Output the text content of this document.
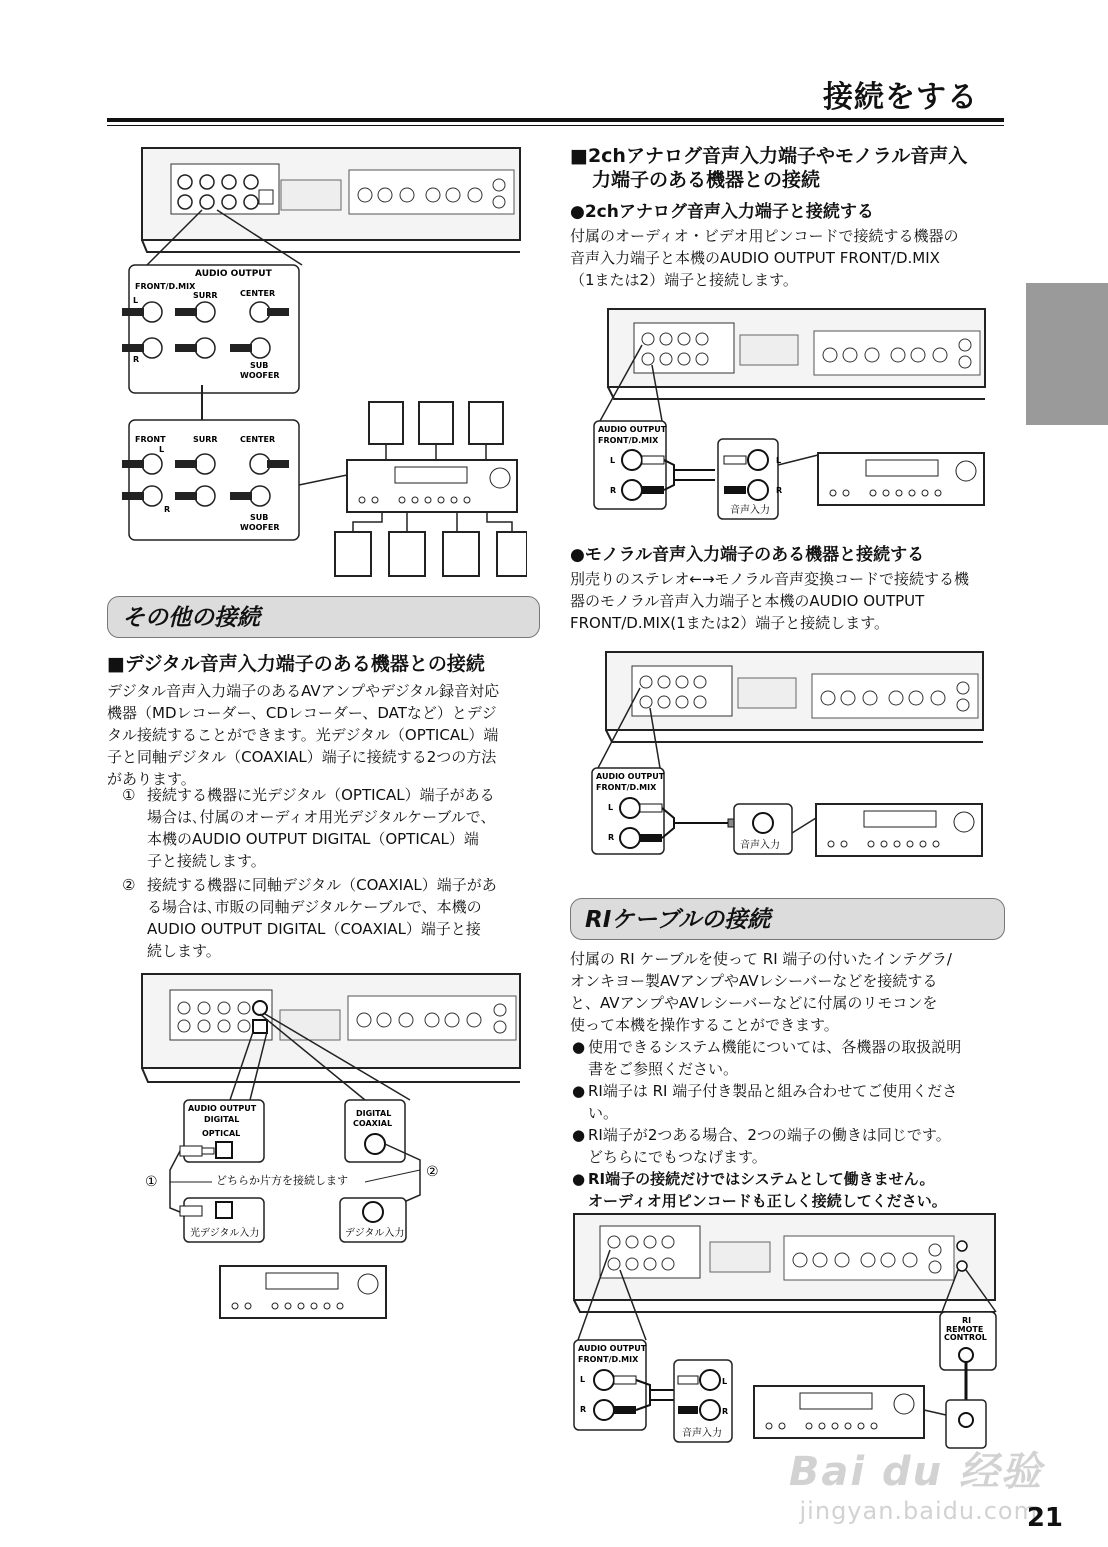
接続をする
AUDIO OUTPUT
FRONT/D.MIX
L
R
SURR	CENTER
SUB
WOOFER
FRONT
L
R
SURR	CENTER
SUB
WOOFER
その他の接続
■デジタル音声入力端子のある機器との接続
デジタル音声入力端子のあるAVアンプやデジタル録音対応
機器（MDレコーダー、CDレコーダー、DATなど）とデジ
タル接続することができます。光デジタル（OPTICAL）端
子と同軸デジタル（COAXIAL）端子に接続する2つの方法
があります。
① 接続する機器に光デジタル（OPTICAL）端子がある
場合は､付属のオーディオ用光デジタルケーブルで、
本機のAUDIO OUTPUT DIGITAL（OPTICAL）端
子と接続します。
② 接続する機器に同軸デジタル（COAXIAL）端子があ
る場合は､市販の同軸デジタルケーブルで、本機の
AUDIO OUTPUT DIGITAL（COAXIAL）端子と接
続します。
AUDIO OUTPUT
DIGITAL
OPTICAL
DIGITAL
COAXIAL
①
②
どちらか片方を接続します
光デジタル入力	デジタル入力
■2chアナログ音声入力端子やモノラル音声入
力端子のある機器との接続
●2chアナログ音声入力端子と接続する
付属のオーディオ・ビデオ用ピンコードで接続する機器の
音声入力端子と本機のAUDIO OUTPUT FRONT/D.MIX
（1または2）端子と接続します。
AUDIO OUTPUT
FRONT/D.MIX
L
R
L
R
音声入力
●モノラル音声入力端子のある機器と接続する
別売りのステレオ←→モノラル音声変換コードで接続する機
器のモノラル音声入力端子と本機のAUDIO OUTPUT
FRONT/D.MIX(1または2）端子と接続します。
AUDIO OUTPUT
FRONT/D.MIX
L
R
音声入力
RIケーブルの接続
付属の RI ケーブルを使って RI 端子の付いたインテグラ/
オンキヨー製AVアンプやAVレシーバーなどを接続する
と、AVアンプやAVレシーバーなどに付属のリモコンを
使って本機を操作することができます。
● 使用できるシステム機能については、各機器の取扱説明
書をご参照ください。
● RI端子は RI 端子付き製品と組み合わせてご使用くださ
い。
● RI端子が2つある場合、2つの端子の働きは同じです。
どちらにでもつなげます。
● RI端子の接続だけではシステムとして働きません。
オーディオ用ピンコードも正しく接続してください。
RI
REMOTE
CONTROL
AUDIO OUTPUT
FRONT/D.MIX
L
R
L
R
音声入力
Bai du 经验
jingyan.baidu.com
21
